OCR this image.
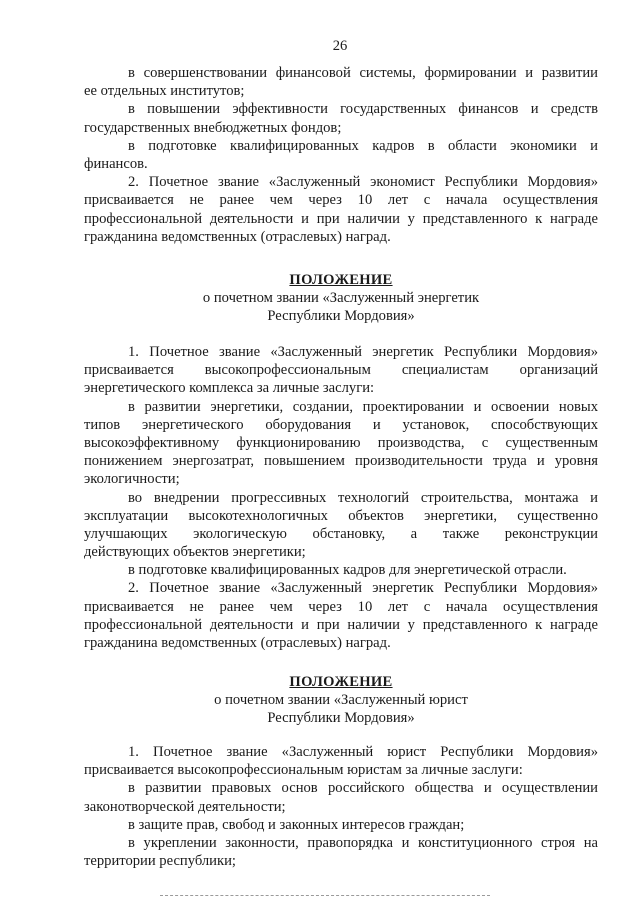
26
в совершенствовании финансовой системы, формировании и развитии
ее отдельных институтов;
в повышении эффективности государственных финансов и средств
государственных внебюджетных фондов;
в подготовке квалифицированных кадров в области экономики и
финансов.
2. Почетное звание «Заслуженный экономист Республики Мордовия»
присваивается не ранее чем через 10 лет с начала осуществления
профессиональной деятельности и при наличии у представленного к награде
гражданина ведомственных (отраслевых) наград.
ПОЛОЖЕНИЕ
о почетном звании «Заслуженный энергетик
Республики Мордовия»
1. Почетное звание «Заслуженный энергетик Республики Мордовия»
присваивается высокопрофессиональным специалистам организаций
энергетического комплекса за личные заслуги:
в развитии энергетики, создании, проектировании и освоении новых
типов энергетического оборудования и установок, способствующих
высокоэффективному функционированию производства, с существенным
понижением энергозатрат, повышением производительности труда и уровня
экологичности;
во внедрении прогрессивных технологий строительства, монтажа и
эксплуатации высокотехнологичных объектов энергетики, существенно
улучшающих экологическую обстановку, а также реконструкции
действующих объектов энергетики;
в подготовке квалифицированных кадров для энергетической отрасли.
2. Почетное звание «Заслуженный энергетик Республики Мордовия»
присваивается не ранее чем через 10 лет с начала осуществления
профессиональной деятельности и при наличии у представленного к награде
гражданина ведомственных (отраслевых) наград.
ПОЛОЖЕНИЕ
о почетном звании «Заслуженный юрист
Республики Мордовия»
1. Почетное звание «Заслуженный юрист Республики Мордовия»
присваивается высокопрофессиональным юристам за личные заслуги:
в развитии правовых основ российского общества и осуществлении
законотворческой деятельности;
в защите прав, свобод и законных интересов граждан;
в укреплении законности, правопорядка и конституционного строя на
территории республики;
